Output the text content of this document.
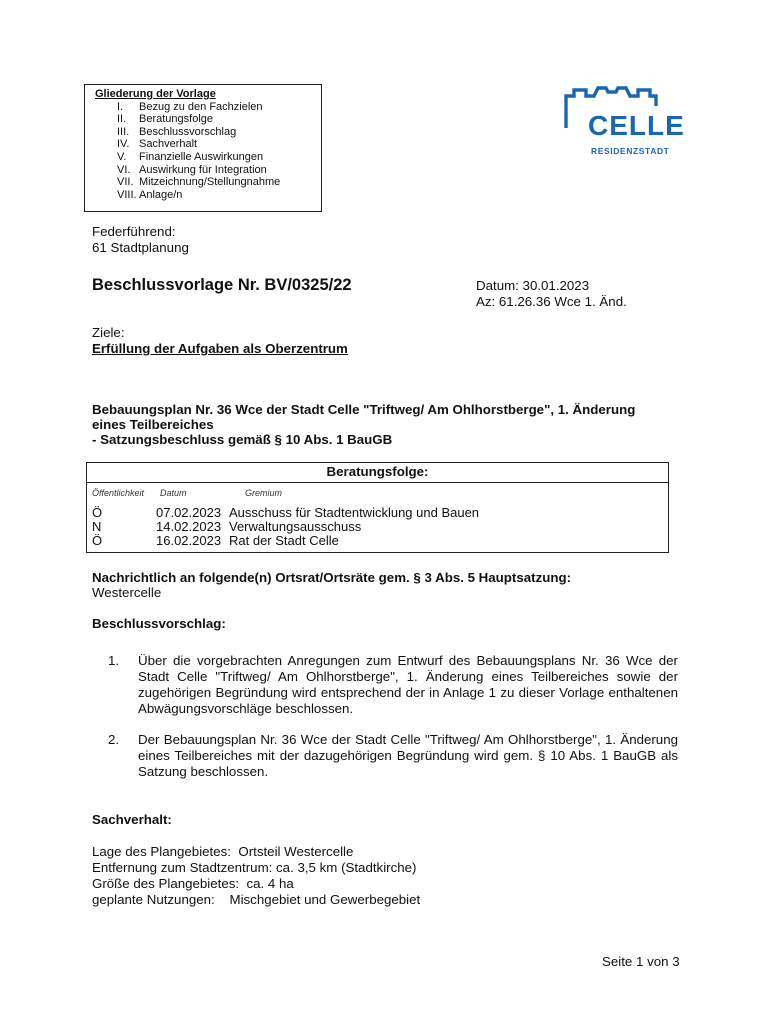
Gliederung der Vorlage
I.	Bezug zu den Fachzielen
II.	Beratungsfolge
III. Beschlussvorschlag
IV. Sachverhalt
V.	Finanzielle Auswirkungen
VI. Auswirkung für Integration
VII. Mitzeichnung/Stellungnahme
VIII. Anlage/n
CELLE
RESIDENZSTADT
Federführend:
61 Stadtplanung
Beschlussvorlage Nr. BV/0325/22	Datum: 30.01.2023
Az: 61.26.36 Wce 1. Änd.
Ziele:
Erfüllung der Aufgaben als Oberzentrum
Bebauungsplan Nr. 36 Wce der Stadt Celle "Triftweg/ Am Ohlhorstberge", 1. Änderung
eines Teilbereiches
- Satzungsbeschluss gemäß § 10 Abs. 1 BauGB
Beratungsfolge:
Öffentlichkeit Datum	Gremium
Ö	07.02.2023 Ausschuss für Stadtentwicklung und Bauen
N	14.02.2023 Verwaltungsausschuss
Ö	16.02.2023 Rat der Stadt Celle
Nachrichtlich an folgende(n) Ortsrat/Ortsräte gem. § 3 Abs. 5 Hauptsatzung:
Westercelle
Beschlussvorschlag:
1.	Über die vorgebrachten Anregungen zum Entwurf des Bebauungsplans Nr. 36 Wce der Stadt Celle "Triftweg/ Am Ohlhorstberge", 1. Änderung eines Teilbereiches sowie der zugehörigen Begründung wird entsprechend der in Anlage 1 zu dieser Vorlage enthaltenen Abwägungsvorschläge beschlossen.
2.	Der Bebauungsplan Nr. 36 Wce der Stadt Celle "Triftweg/ Am Ohlhorstberge", 1. Änderung eines Teilbereiches mit der dazugehörigen Begründung wird gem. § 10 Abs. 1 BauGB als Satzung beschlossen.
Sachverhalt:
Lage des Plangebietes:  Ortsteil Westercelle
Entfernung zum Stadtzentrum: ca. 3,5 km (Stadtkirche)
Größe des Plangebietes:  ca. 4 ha
geplante Nutzungen:    Mischgebiet und Gewerbegebiet
Seite 1 von 3
